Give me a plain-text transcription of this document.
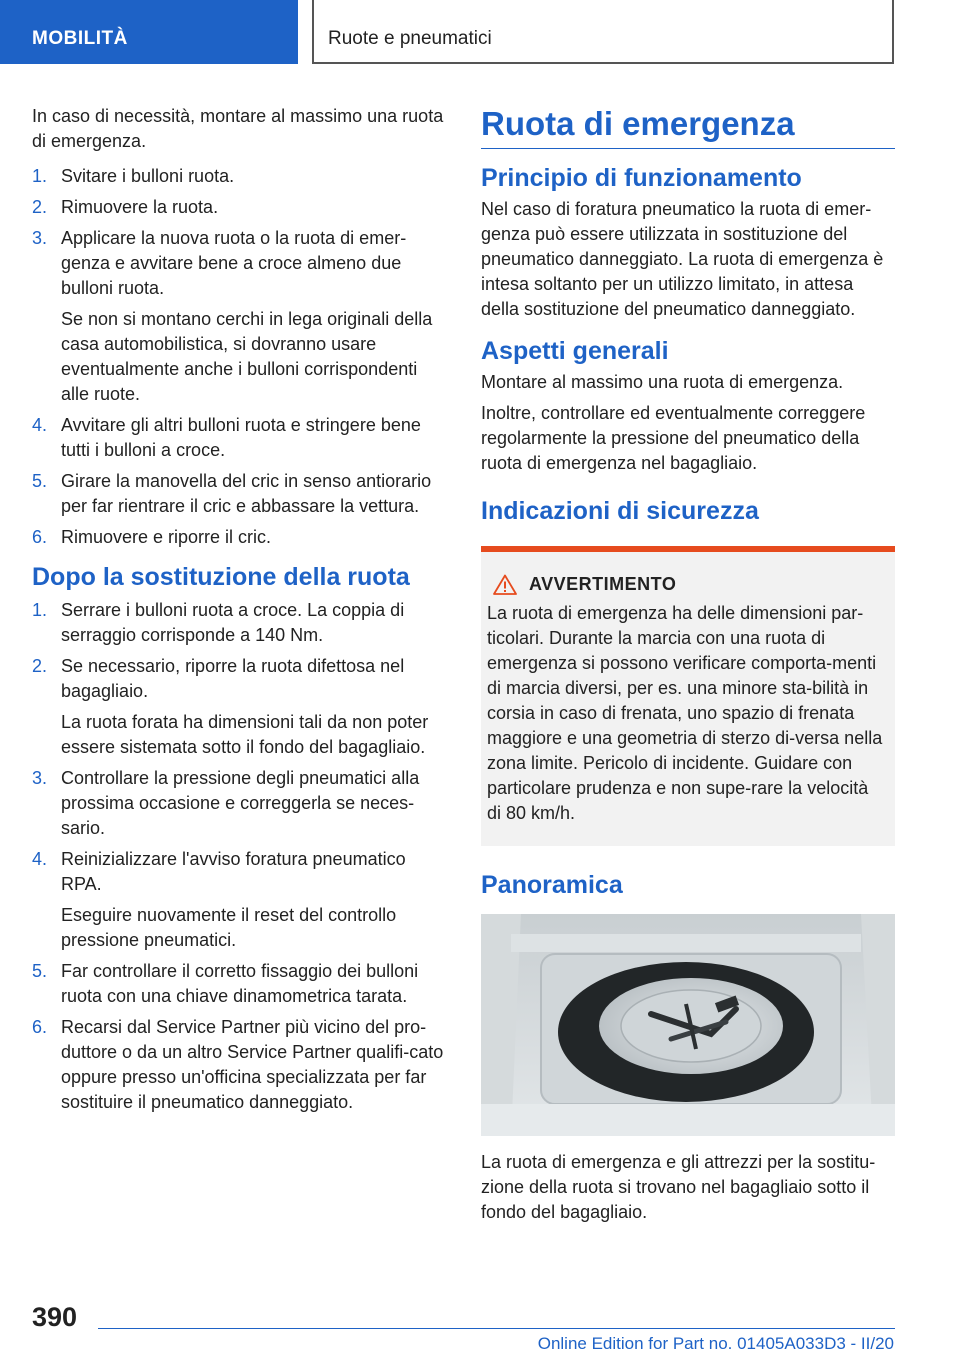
MOBILITÀ	Ruote e pneumatici

In caso di necessità, montare al massimo una ruota di emergenza.

1. Svitare i bulloni ruota.
2. Rimuovere la ruota.
3. Applicare la nuova ruota o la ruota di emer-genza e avvitare bene a croce almeno due bulloni ruota.
Se non si montano cerchi in lega originali della casa automobilistica, si dovranno usare eventualmente anche i bulloni corrispondenti alle ruote.
4. Avvitare gli altri bulloni ruota e stringere bene tutti i bulloni a croce.
5. Girare la manovella del cric in senso antiorario per far rientrare il cric e abbassare la vettura.
6. Rimuovere e riporre il cric.
Dopo la sostituzione della ruota
1. Serrare i bulloni ruota a croce. La coppia di serraggio corrisponde a 140 Nm.
2. Se necessario, riporre la ruota difettosa nel bagagliaio.
La ruota forata ha dimensioni tali da non poter essere sistemata sotto il fondo del bagagliaio.
3. Controllare la pressione degli pneumatici alla prossima occasione e correggerla se neces-sario.
4. Reinizializzare l'avviso foratura pneumatico RPA.
Eseguire nuovamente il reset del controllo pressione pneumatici.
5. Far controllare il corretto fissaggio dei bulloni ruota con una chiave dinamometrica tarata.
6. Recarsi dal Service Partner più vicino del pro-duttore o da un altro Service Partner qualifi-cato oppure presso un'officina specializzata per far sostituire il pneumatico danneggiato.
Ruota di emergenza
Principio di funzionamento

Nel caso di foratura pneumatico la ruota di emer-genza può essere utilizzata in sostituzione del pneumatico danneggiato. La ruota di emergenza è intesa soltanto per un utilizzo limitato, in attesa della sostituzione del pneumatico danneggiato.

Aspetti generali

Montare al massimo una ruota di emergenza.

Inoltre, controllare ed eventualmente correggere regolarmente la pressione del pneumatico della ruota di emergenza nel bagagliaio.

Indicazioni di sicurezza
AVVERTIMENTO

La ruota di emergenza ha delle dimensioni par-ticolari. Durante la marcia con una ruota di emergenza si possono verificare comporta-menti di marcia diversi, per es. una minore sta-bilità in corsia in caso di frenata, uno spazio di frenata maggiore e una geometria di sterzo di-versa nella zona limite. Pericolo di incidente. Guidare con particolare prudenza e non supe-rare la velocità di 80 km/h.

Panoramica

La ruota di emergenza e gli attrezzi per la sostitu-zione della ruota si trovano nel bagagliaio sotto il fondo del bagagliaio.

390
Online Edition for Part no. 01405A033D3 - II/20
